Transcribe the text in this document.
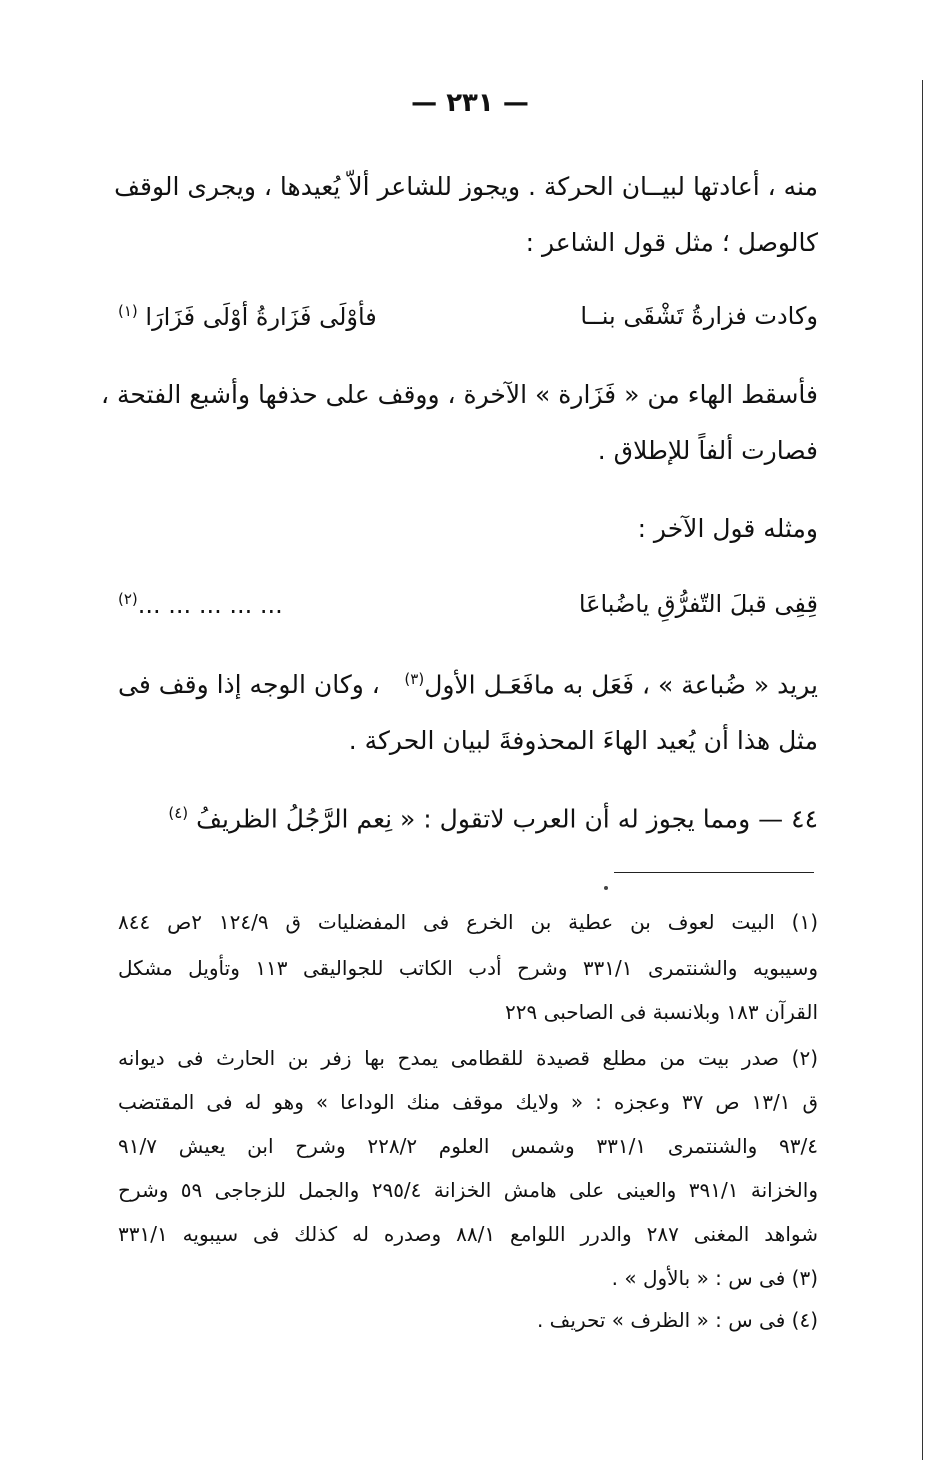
— ٢٣١ —
منه ، أعادتها لبيــان الحركة . ويجوز للشاعر ألاّ يُعيدها ، ويجرى الوقف
كالوصل ؛ مثل قول الشاعر :
وكادت فزارةُ تَشْقَى بنــا
فأوْلَى فَزَارةُ أوْلَى فَزَارَا (١)
فأسقط الهاء من « فَزَارة » الآخرة ، ووقف على حذفها وأشبع الفتحة ،
فصارت ألفاً للإطلاق .
ومثله قول الآخر :
قِفِى قبلَ التّفرُّقِ ياضُباعَا
... ... ... ... ...(٢)
يريد « ضُباعة » ، فَعَل به مافَعَـل الأول$^{(٣)}$
، وكان الوجه إذا وقف فى
مثل هذا أن يُعيد الهاءَ المحذوفةَ لبيان الحركة .
٤٤ — ومما يجوز له أن العرب لاتقول : « نِعم الرَّجُلُ الظريفُ $^{(٤)}$
(١) البيت لعوف بن عطية بن الخرع فى المفضليات ق ١٢٤/٩ ٢ص ٨٤٤
وسيبويه والشنتمرى ٣٣١/١ وشرح أدب الكاتب للجواليقى ١١٣ وتأويل مشكل
القرآن ١٨٣ وبلانسبة فى الصاحبى ٢٢٩
(٢) صدر بيت من مطلع قصيدة للقطامى يمدح بها زفر بن الحارث فى ديوانه
ق ١٣/١ ص ٣٧ وعجزه : « ولايك موقف منك الوداعا » وهو له فى المقتضب
٩٣/٤ والشنتمرى ٣٣١/١ وشمس العلوم ٢٢٨/٢ وشرح ابن يعيش ٩١/٧
والخزانة ٣٩١/١ والعينى على هامش الخزانة ٢٩٥/٤ والجمل للزجاجى ٥٩ وشرح
شواهد المغنى ٢٨٧ والدرر اللوامع ٨٨/١ وصدره له كذلك فى سيبويه ٣٣١/١
(٣) فى س : « بالأول » .
(٤) فى س : « الظرف » تحريف .
